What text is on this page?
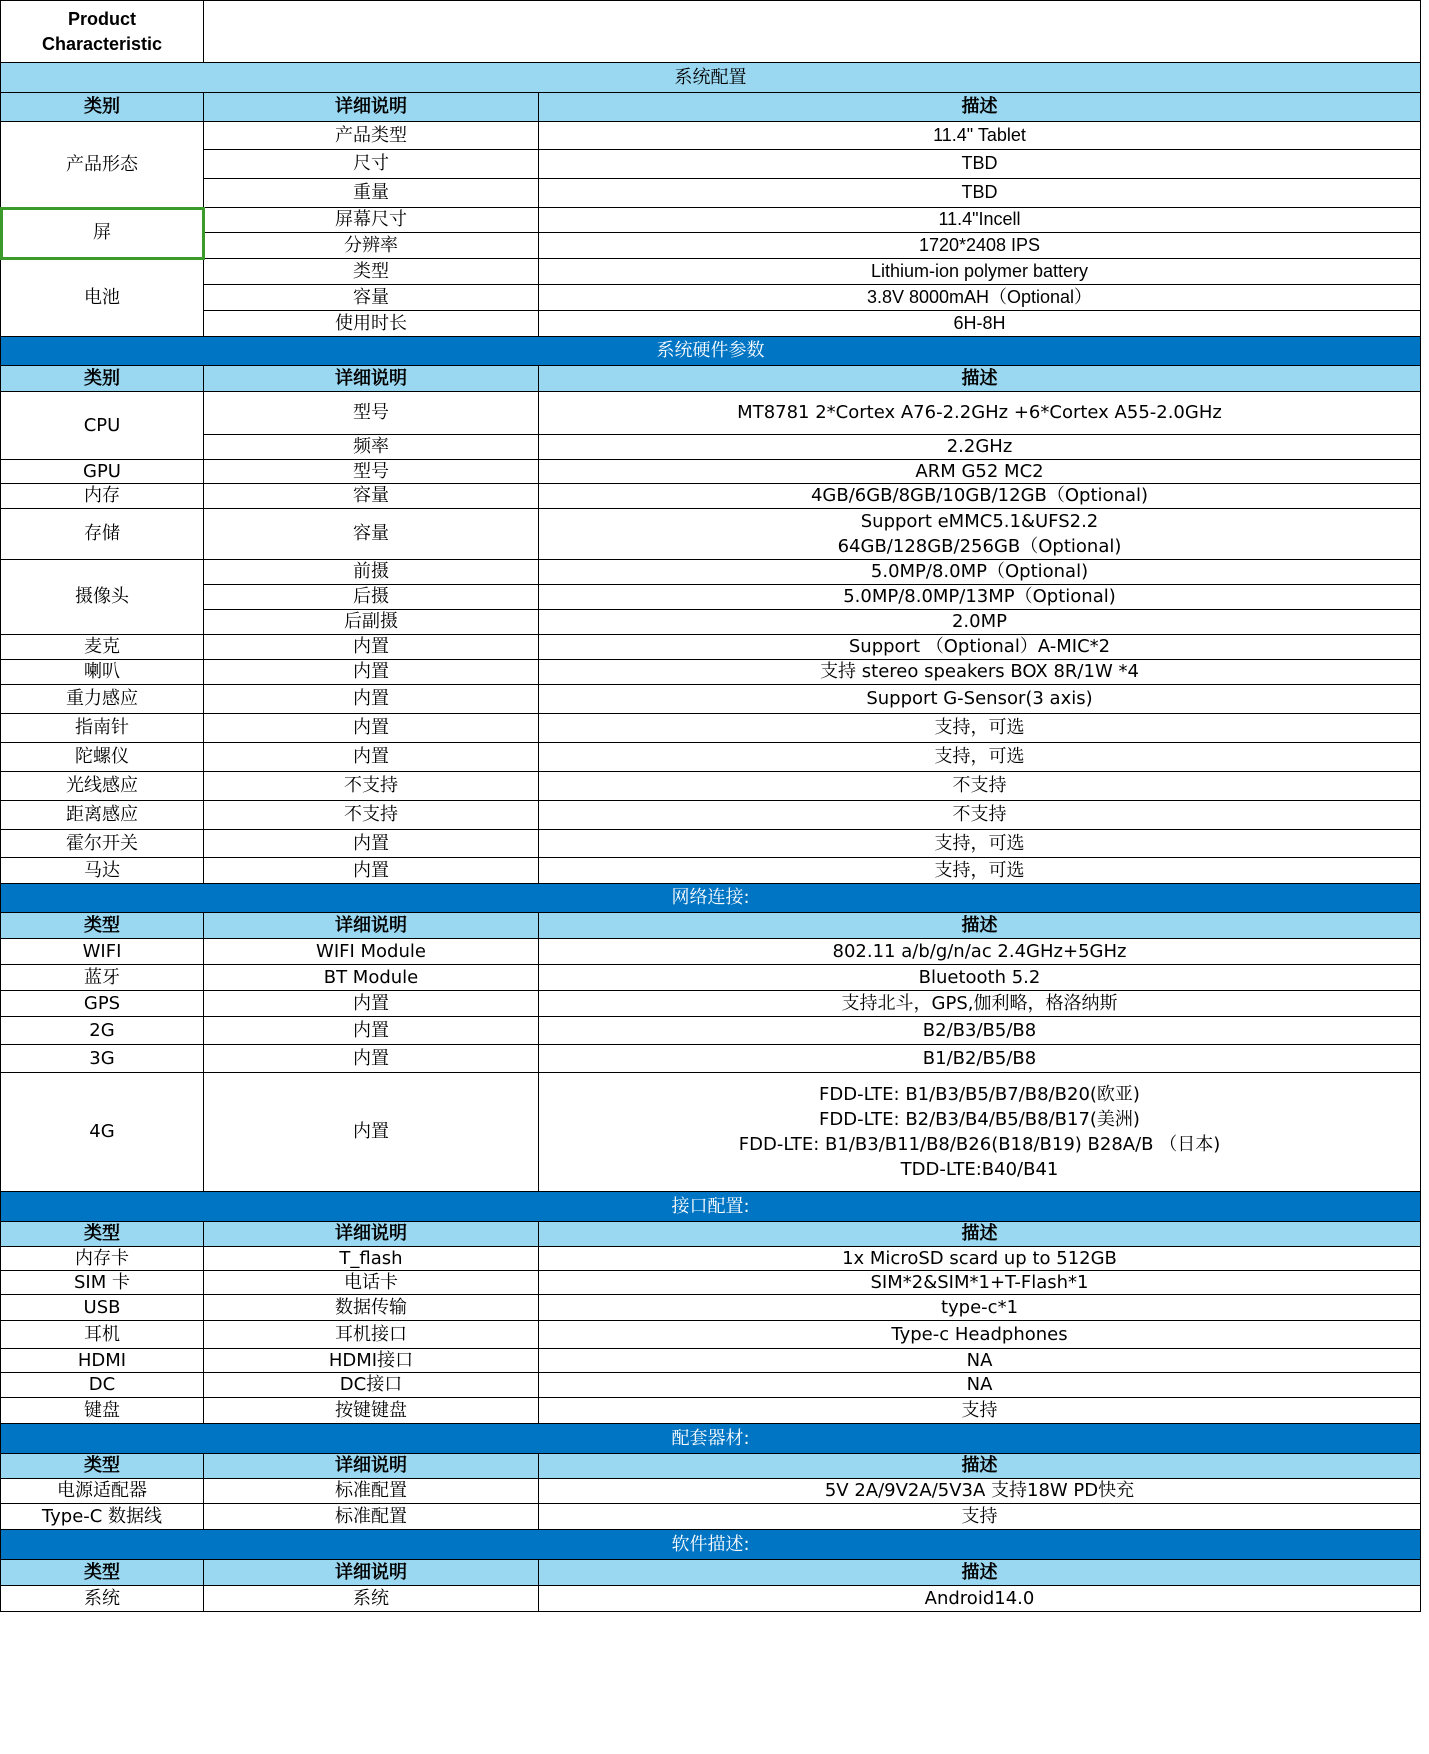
Product
Characteristic		

系统配置		
类别	详细说明	描述
产品形态	产品类型	11.4" Tablet
	尺寸	TBD
	重量	TBD
屏	屏幕尺寸	11.4"Incell
	分辨率	1720*2408 IPS
电池	类型	Lithium-ion polymer battery
	容量	3.8V 8000mAH（Optional）
	使用时长	6H-8H
系统硬件参数		
类别	详细说明	描述
CPU	型号	MT8781 2*Cortex A76-2.2GHz +6*Cortex A55-2.0GHz
	频率	2.2GHz
GPU	型号	ARM G52 MC2
内存	容量	4GB/6GB/8GB/10GB/12GB（Optional)
存储	容量	Support eMMC5.1&UFS2.2
64GB/128GB/256GB（Optional)

摄像头	前摄	5.0MP/8.0MP（Optional)
	后摄	5.0MP/8.0MP/13MP（Optional)
	后副摄	2.0MP
麦克	内置	Support （Optional）A-MIC*2
喇叭	内置	支持 stereo speakers BOX 8R/1W *4
重力感应	内置	Support G-Sensor(3 axis)
指南针	内置	支持，可选
陀螺仪	内置	支持，可选
光线感应	不支持	不支持
距离感应	不支持	不支持
霍尔开关	内置	支持，可选
马达	内置	支持，可选
网络连接:		
类型	详细说明	描述
WIFI	WIFI Module	802.11 a/b/g/n/ac 2.4GHz+5GHz
蓝牙	BT Module	Bluetooth 5.2
GPS	内置	支持北斗，GPS,伽利略，格洛纳斯
2G	内置	B2/B3/B5/B8
3G	内置	B1/B2/B5/B8
4G	内置	FDD-LTE: B1/B3/B5/B7/B8/B20(欧亚)
FDD-LTE: B2/B3/B4/B5/B8/B17(美洲)
FDD-LTE: B1/B3/B11/B8/B26(B18/B19) B28A/B （日本)
TDD-LTE:B40/B41

接口配置:		
类型	详细说明	描述
内存卡	T_flash	1x MicroSD scard up to 512GB
SIM 卡	电话卡	SIM*2&SIM*1+T-Flash*1
USB	数据传输	type-c*1
耳机	耳机接口	Type-c Headphones
HDMI	HDMI接口	NA
DC	DC接口	NA
键盘	按键键盘	支持
配套器材:		
类型	详细说明	描述
电源适配器	标准配置	5V 2A/9V2A/5V3A 支持18W PD快充
Type-C 数据线	标准配置	支持
软件描述:		
类型	详细说明	描述
系统	系统	Android14.0
